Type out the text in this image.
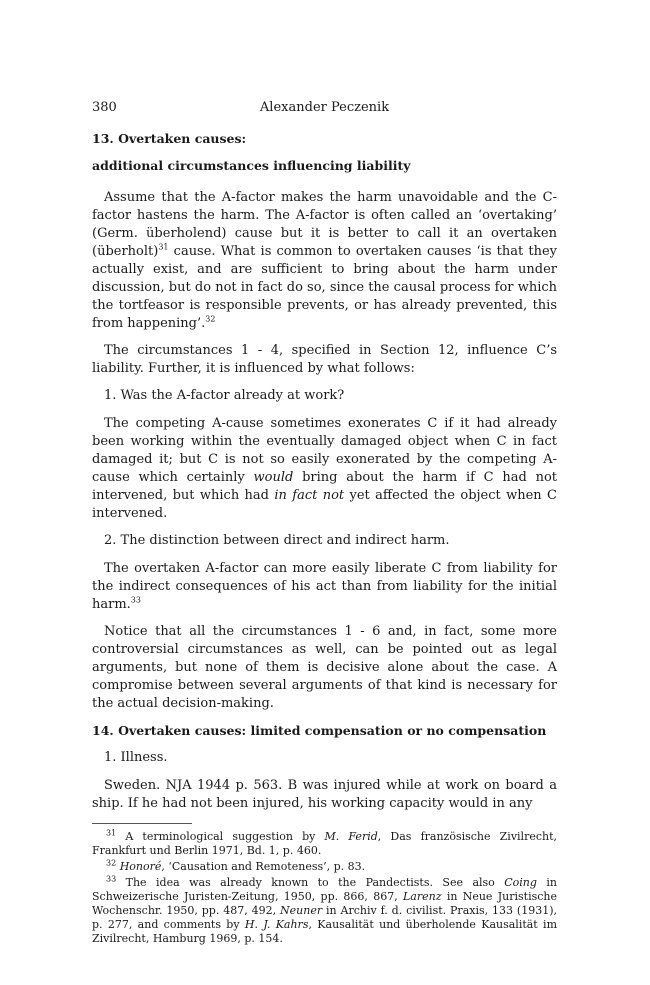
380	Alexander Peczenik

13. Overtaken causes:

additional circumstances influencing liability

Assume that the A-factor makes the harm unavoidable and the C-factor hastens the harm. The A-factor is often called an ‘overtaking’ (Germ. überholend) cause but it is better to call it an overtaken (überholt)$^{31}$ cause. What is common to overtaken causes ‘is that they actually exist, and are sufficient to bring about the harm under discussion, but do not in fact do so, since the causal process for which the tortfeasor is responsible prevents, or has already prevented, this from happening’.$^{32}$

The circumstances 1 - 4, specified in Section 12, influence C’s liability. Further, it is influenced by what follows:

1. Was the A-factor already at work?

The competing A-cause sometimes exonerates C if it had already been working within the eventually damaged object when C in fact damaged it; but C is not so easily exonerated by the competing A-cause which certainly would bring about the harm if C had not intervened, but which had in fact not yet affected the object when C intervened.

2. The distinction between direct and indirect harm.

The overtaken A-factor can more easily liberate C from liability for the indirect consequences of his act than from liability for the initial harm.$^{33}$

Notice that all the circumstances 1 - 6 and, in fact, some more controversial circumstances as well, can be pointed out as legal arguments, but none of them is decisive alone about the case. A compromise between several arguments of that kind is necessary for the actual decision-making.

14. Overtaken causes: limited compensation or no compensation

1. Illness.

Sweden. NJA 1944 p. 563. B was injured while at work on board a ship. If he had not been injured, his working capacity would in any

$^{31}$ A terminological suggestion by M. Ferid, Das französische Zivilrecht, Frankfurt und Berlin 1971, Bd. 1, p. 460.

$^{32}$ Honoré, ‘Causation and Remoteness’, p. 83.

$^{33}$ The idea was already known to the Pandectists. See also Coing in Schweizerische Juristen-Zeitung, 1950, pp. 866, 867, Larenz in Neue Juristische Wochenschr. 1950, pp. 487, 492, Neuner in Archiv f. d. civilist. Praxis, 133 (1931), p. 277, and comments by H. J. Kahrs, Kausalität und überholende Kausalität im Zivilrecht, Hamburg 1969, p. 154.
